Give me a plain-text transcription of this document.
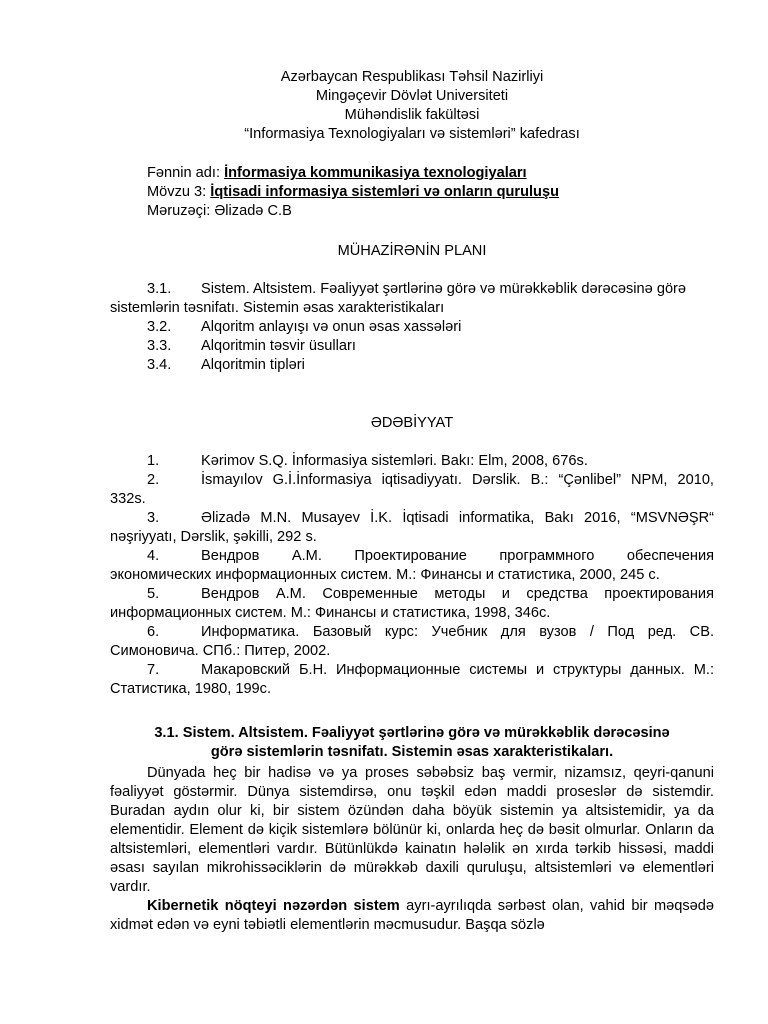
Azərbaycan Respublikası Təhsil Nazirliyi
Mingəçevir Dövlət Universiteti
Mühəndislik fakültəsi
“Informasiya Texnologiyaları və sistemləri” kafedrası
Fənnin adı: İnformasiya kommunikasiya texnologiyaları
Mövzu 3: İqtisadi informasiya sistemləri və onların quruluşu
Məruzəçi: Əlizadə C.B
MÜHAZİRƏNİN PLANI
3.1. Sistem. Altsistem. Fəaliyyət şərtlərinə görə və mürəkkəblik dərəcəsinə görə
sistemlərin təsnifatı. Sistemin əsas xarakteristikaları
3.2. Alqoritm anlayışı və onun əsas xassələri
3.3. Alqoritmin təsvir üsulları
3.4. Alqoritmin tipləri
ƏDƏBİYYAT
1.	Kərimov S.Q. İnformasiya sistemləri. Bakı: Elm, 2008, 676s.
2.	İsmayılov G.İ.İnformasiya iqtisadiyyatı. Dərslik. B.: “Çənlibel” NPM, 2010,
332s.
3.	Əlizadə M.N. Musayev İ.K. İqtisadi informatika, Bakı 2016, “MSVNƏŞR“
nəşriyyatı, Dərslik, şəkilli, 292 s.
4.	Вендров А.М. Проектирование программного обеспечения
экономических информационных систем. М.: Финансы и статистика, 2000, 245 с.
5.	Вендров А.М. Современные методы и средства проектирования
информационных систем. М.: Финансы и статистика, 1998, 346с.
6.	Информатика. Базовый курс: Учебник для вузов / Под ред. СВ.
Симоновича. СПб.: Питер, 2002.
7.	Макаровский Б.Н. Информационные системы и структуры данных. М.:
Статистика, 1980, 199с.
3.1. Sistem. Altsistem. Fəaliyyət şərtlərinə görə və mürəkkəblik dərəcəsinə
görə sistemlərin təsnifatı. Sistemin əsas xarakteristikaları.

Dünyada heç bir hadisə və ya proses səbəbsiz baş vermir, nizamsız, qeyri-qanuni fəaliyyət göstərmir. Dünya sistemdirsə, onu təşkil edən maddi proseslər də sistemdir. Buradan aydın olur ki, bir sistem özündən daha böyük sistemin ya altsistemidir, ya da elementidir. Element də kiçik sistemlərə bölünür ki, onlarda heç də bəsit olmurlar. Onların da altsistemləri, elementləri vardır. Bütünlükdə kainatın hələlik ən xırda tərkib hissəsi, maddi əsası sayılan mikrohissəciklərin də mürəkkəb daxili quruluşu, altsistemləri və elementləri vardır.

Kibernetik nöqteyi nəzərdən sistem ayrı-ayrılıqda sərbəst olan, vahid bir məqsədə xidmət edən və eyni təbiətli elementlərin məcmusudur. Başqa sözlə
